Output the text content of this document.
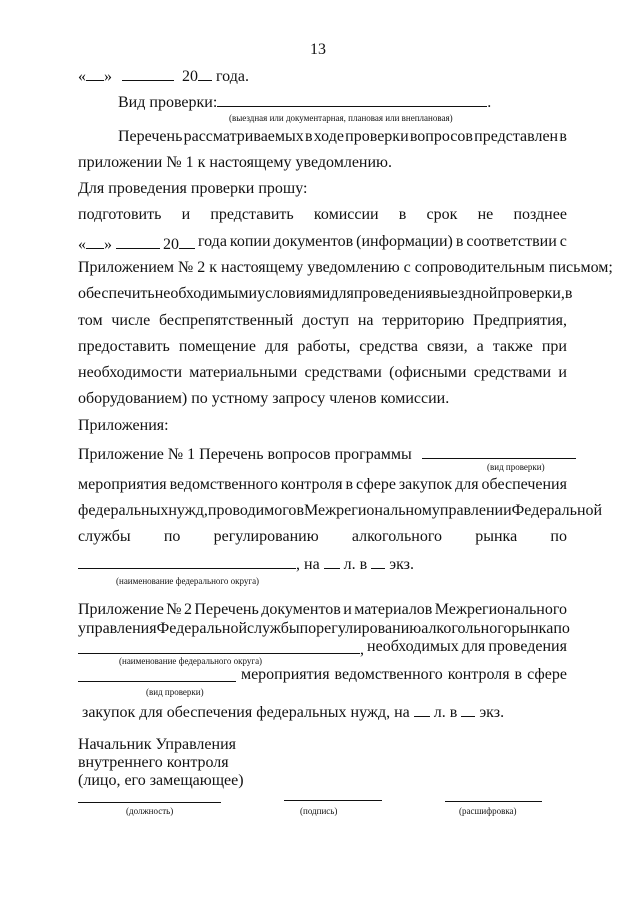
13
« »	20 года.
Вид проверки:	.
(выездная или документарная, плановая или внеплановая)
Перечень рассматриваемых в ходе проверки вопросов представлен в
приложении № 1 к настоящему уведомлению.
Для проведения проверки прошу:
подготовить и представить комиссии в срок не позднее
« »	20	года копии документов (информации) в соответствии с
Приложением № 2 к настоящему уведомлению с сопроводительным письмом;
обеспечить необходимыми условиями для проведения выездной проверки, в
том числе беспрепятственный доступ на территорию Предприятия,
предоставить помещение для работы, средства связи, а также при
необходимости материальными средствами (офисными средствами и
оборудованием) по устному запросу членов комиссии.
Приложения:
Приложение № 1 Перечень вопросов программы
(вид проверки)
мероприятия ведомственного контроля в сфере закупок для обеспечения
федеральных нужд, проводимого в Межрегиональном управлении Федеральной
службы по регулированию алкогольного рынка по
, на л. в экз.
(наименование федерального округа)
Приложение № 2 Перечень документов и материалов Межрегионального
управления Федеральной службы по регулированию алкогольного рынка по
, необходимых для проведения
(наименование федерального округа)
мероприятия ведомственного контроля в сфере
(вид проверки)
закупок для обеспечения федеральных нужд, на л. в экз.
Начальник Управления
внутреннего контроля
(лицо, его замещающее)
(должность)	(подпись)	(расшифровка)
